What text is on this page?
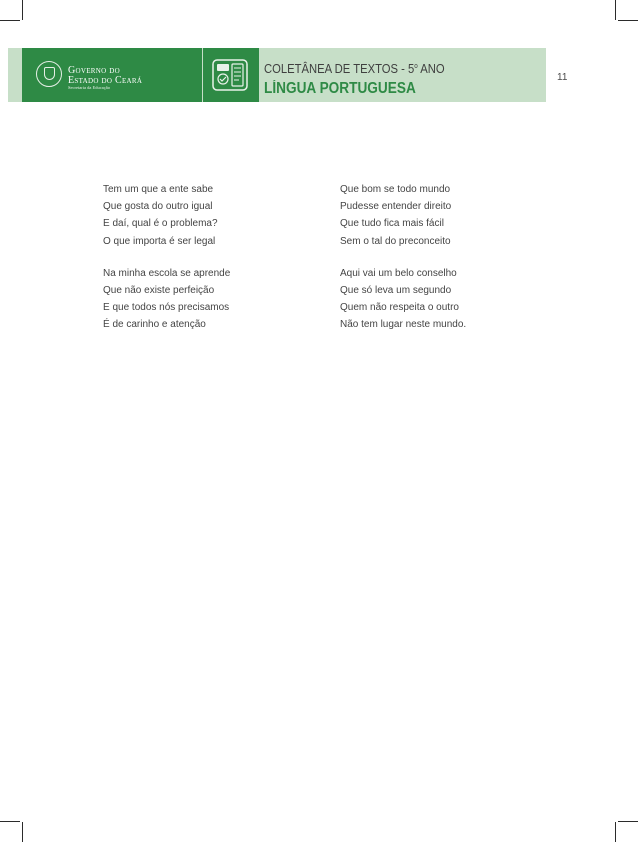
Governo do
Estado do Ceará
Secretaria da Educação
COLETÂNEA DE TEXTOS - 5$^o$ ANO
LÍNGUA PORTUGUESA
11
Tem um que a ente sabe
Que gosta do outro igual
E daí, qual é o problema?
O que importa é ser legal
Na minha escola se aprende
Que não existe perfeição
E que todos nós precisamos
É de carinho e atenção
Que bom se todo mundo
Pudesse entender direito
Que tudo fica mais fácil
Sem o tal do preconceito
Aqui vai um belo conselho
Que só leva um segundo
Quem não respeita o outro
Não tem lugar neste mundo.
